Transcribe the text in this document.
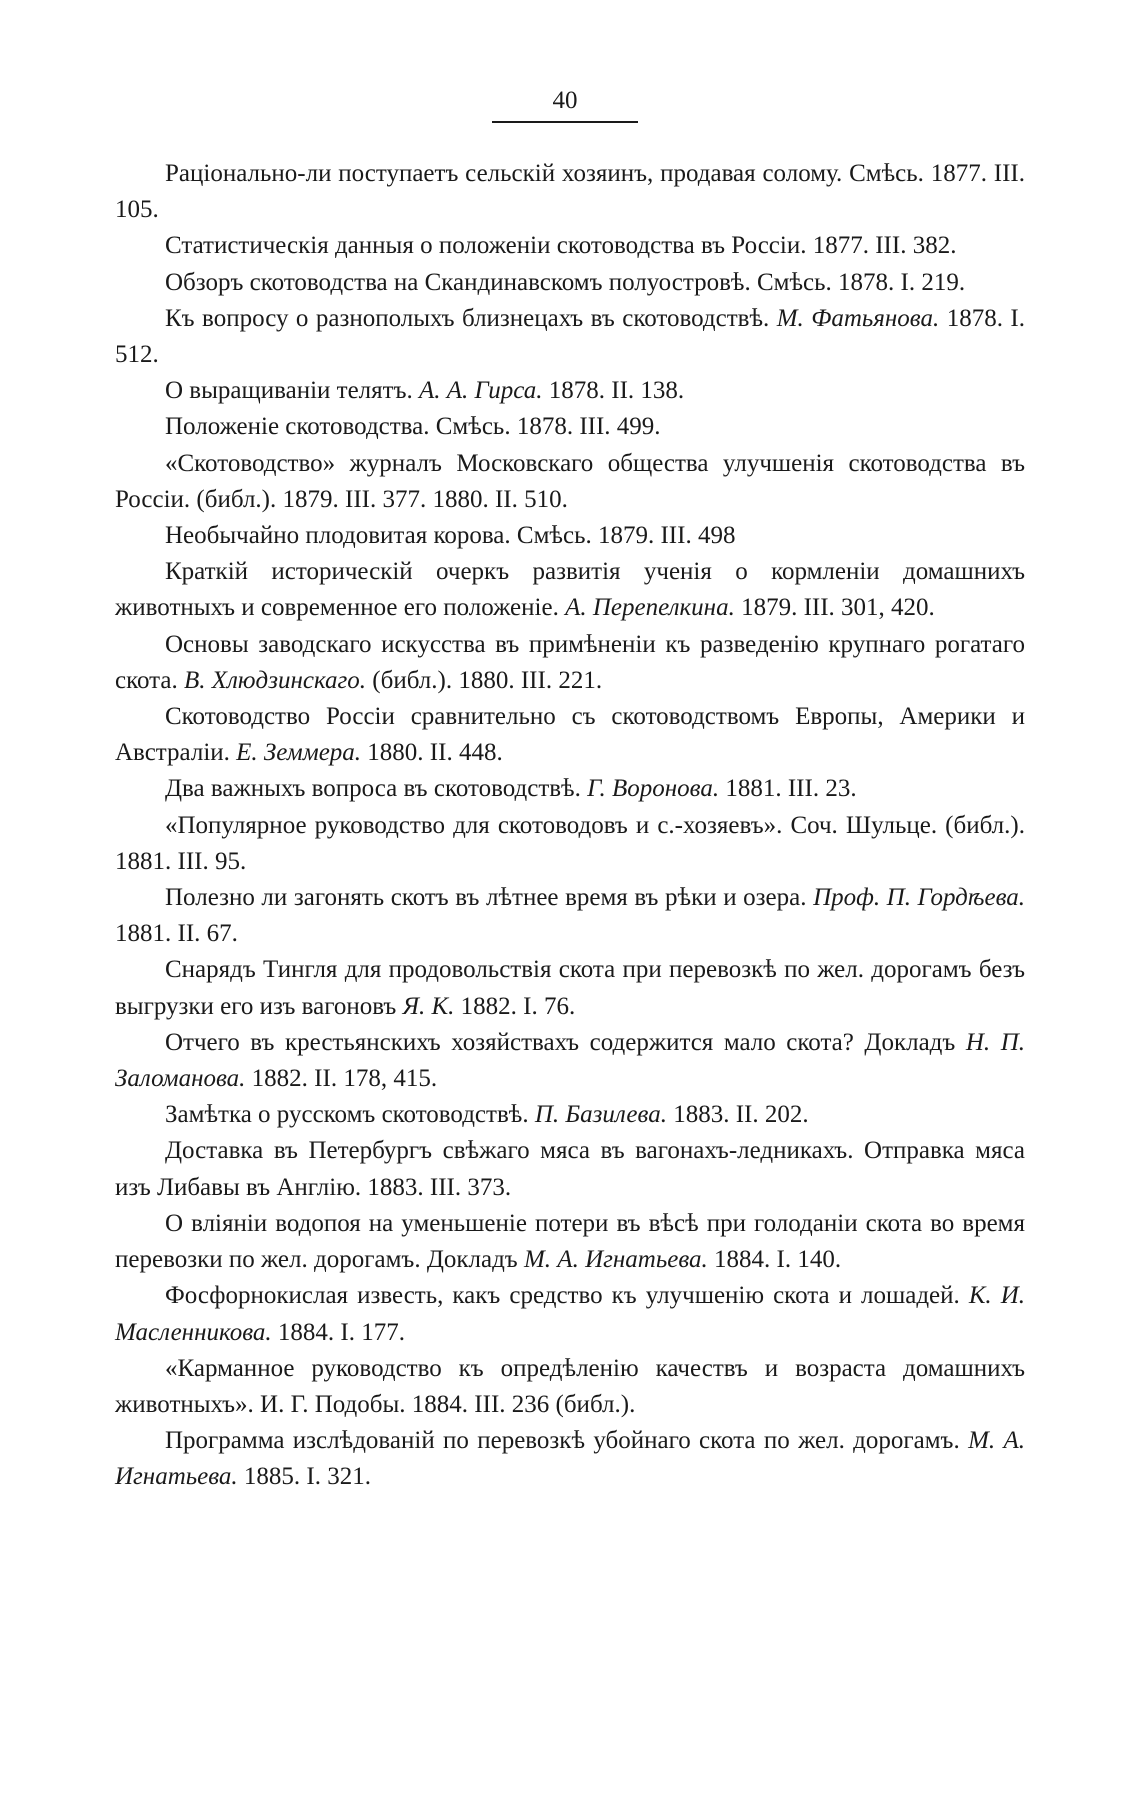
40

Раціонально-ли поступаетъ сельскій хозяинъ, продавая солому. Смѣсь. 1877. III. 105.

Статистическія данныя о положеніи скотоводства въ Россіи. 1877. III. 382.

Обзоръ скотоводства на Скандинавскомъ полуостровѣ. Смѣсь. 1878. I. 219.

Къ вопросу о разнополыхъ близнецахъ въ скотоводствѣ. М. Фатьянова. 1878. I. 512.

О выращиваніи телятъ. А. А. Гирса. 1878. II. 138.

Положеніе скотоводства. Смѣсь. 1878. III. 499.

«Скотоводство» журналъ Московскаго общества улучшенія скотоводства въ Россіи. (библ.). 1879. III. 377. 1880. II. 510.

Необычайно плодовитая корова. Смѣсь. 1879. III. 498

Краткій историческій очеркъ развитія ученія о кормленіи домашнихъ животныхъ и современное его положеніе. А. Перепелкина. 1879. III. 301, 420.

Основы заводскаго искусства въ примѣненіи къ разведенію крупнаго рогатаго скота. В. Хлюдзинскаго. (библ.). 1880. III. 221.

Скотоводство Россіи сравнительно съ скотоводствомъ Европы, Америки и Австраліи. Е. Земмера. 1880. II. 448.

Два важныхъ вопроса въ скотоводствѣ. Г. Воронова. 1881. III. 23.

«Популярное руководство для скотоводовъ и с.-хозяевъ». Соч. Шульце. (библ.). 1881. III. 95.

Полезно ли загонять скотъ въ лѣтнее время въ рѣки и озера. Проф. П. Гордѣева. 1881. II. 67.

Снарядъ Тингля для продовольствія скота при перевозкѣ по жел. дорогамъ безъ выгрузки его изъ вагоновъ Я. К. 1882. I. 76.

Отчего въ крестьянскихъ хозяйствахъ содержится мало скота? Докладъ Н. П. Заломанова. 1882. II. 178, 415.

Замѣтка о русскомъ скотоводствѣ. П. Базилева. 1883. II. 202.

Доставка въ Петербургъ свѣжаго мяса въ вагонахъ-ледникахъ. Отправка мяса изъ Либавы въ Англію. 1883. III. 373.

О вліяніи водопоя на уменьшеніе потери въ вѣсѣ при голоданіи скота во время перевозки по жел. дорогамъ. Докладъ М. А. Игнатьева. 1884. I. 140.

Фосфорнокислая известь, какъ средство къ улучшенію скота и лошадей. К. И. Масленникова. 1884. I. 177.

«Карманное руководство къ опредѣленію качествъ и возраста домашнихъ животныхъ». И. Г. Подобы. 1884. III. 236 (библ.).

Программа изслѣдованій по перевозкѣ убойнаго скота по жел. дорогамъ. М. А. Игнатьева. 1885. I. 321.
